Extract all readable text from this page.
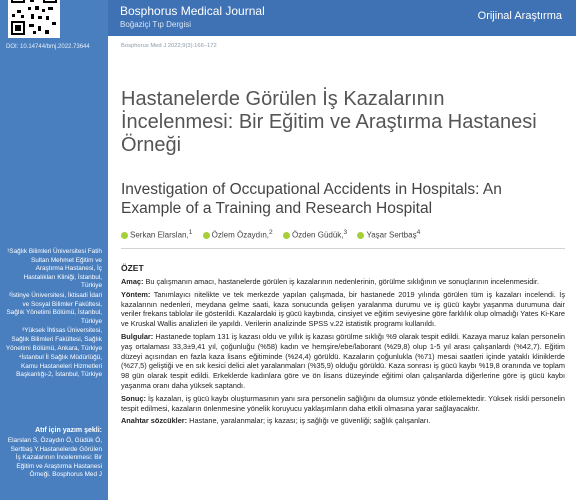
DOI: 10.14744/bmj.2022.73644

¹Sağlık Bilimleri Üniversitesi Fatih Sultan Mehmet Eğitim ve Araştırma Hastanesi, İç Hastalıkları Kliniği, İstanbul, Türkiye

²İstinye Üniversitesi, İktisadi İdari ve Sosyal Bilimler Fakültesi, Sağlık Yönetimi Bölümü, İstanbul, Türkiye

³Yüksek İhtisas Üniversitesi, Sağlık Bilimleri Fakültesi, Sağlık Yönetimi Bölümü, Ankara, Türkiye

⁴İstanbul İl Sağlık Müdürlüğü, Kamu Hastaneleri Hizmetleri Başkanlığı-2, İstanbul, Türkiye

Atıf için yazım şekli:
Elarslan S, Özaydın Ö, Güdük Ö, Sertbaş Y.Hastanelerde Görülen İş Kazalarının İncelenmesi: Bir Eğitim ve Araştırma Hastanesi Örneği. Bosphorus Med J
Bosphorus Medical Journal
Boğaziçi Tıp Dergisi
Orijinal Araştırma
Bosphorus Med J 2022;9(3):166–172
Hastanelerde Görülen İş Kazalarının İncelenmesi: Bir Eğitim ve Araştırma Hastanesi Örneği
Investigation of Occupational Accidents in Hospitals: An Example of a Training and Research Hospital
Serkan Elarslan,$^1$ Özlem Özaydın,$^2$ Özden Güdük,$^3$ Yaşar Sertbaş$^4$
ÖZET

Amaç: Bu çalışmanın amacı, hastanelerde görülen iş kazalarının nedenlerinin, görülme sıklığının ve sonuçlarının incelenmesidir.

Yöntem: Tanımlayıcı nitelikte ve tek merkezde yapılan çalışmada, bir hastanede 2019 yılında görülen tüm iş kazaları incelendi. İş kazalarının nedenleri, meydana gelme saati, kaza sonucunda gelişen yaralanma durumu ve iş gücü kaybı yaşanma durumuna dair veriler frekans tablolar ile gösterildi. Kazalardaki iş gücü kaybında, cinsiyet ve eğitim seviyesine göre farklılık olup olmadığı Yates Ki-Kare ve Kruskal Wallis analizleri ile yapıldı. Verilerin analizinde SPSS v.22 istatistik programı kullanıldı.

Bulgular: Hastanede toplam 131 iş kazası oldu ve yıllık iş kazası görülme sıklığı %9 olarak tespit edildi. Kazaya maruz kalan personelin yaş ortalaması 33,3±9,41 yıl, çoğunluğu (%58) kadın ve hemşire/ebe/laborant (%29,8) olup 1-5 yıl arası çalışanlardı (%42,7). Eğitim düzeyi açısından en fazla kaza lisans eğitiminde (%24,4) görüldü. Kazaların çoğunlukla (%71) mesai saatleri içinde yataklı kliniklerde (%27,5) geliştiği ve en sık kesici delici alet yaralanmaları (%35,9) olduğu görüldü. Kaza sonrası iş gücü kaybı %19,8 oranında ve toplam 98 gün olarak tespit edildi. Erkeklerde kadınlara göre ve ön lisans düzeyinde eğitimi olan çalışanlarda diğerlerine göre iş gücü kaybı yaşanma oranı daha yüksek saptandı.

Sonuç: İş kazaları, iş gücü kaybı oluşturmasının yanı sıra personelin sağlığını da olumsuz yönde etkilemektedir. Yüksek riskli personelin tespit edilmesi, kazaların önlenmesine yönelik koruyucu yaklaşımların daha etkili olmasına yarar sağlayacaktır.

Anahtar sözcükler: Hastane, yaralanmalar; iş kazası; iş sağlığı ve güvenliği; sağlık çalışanları.
